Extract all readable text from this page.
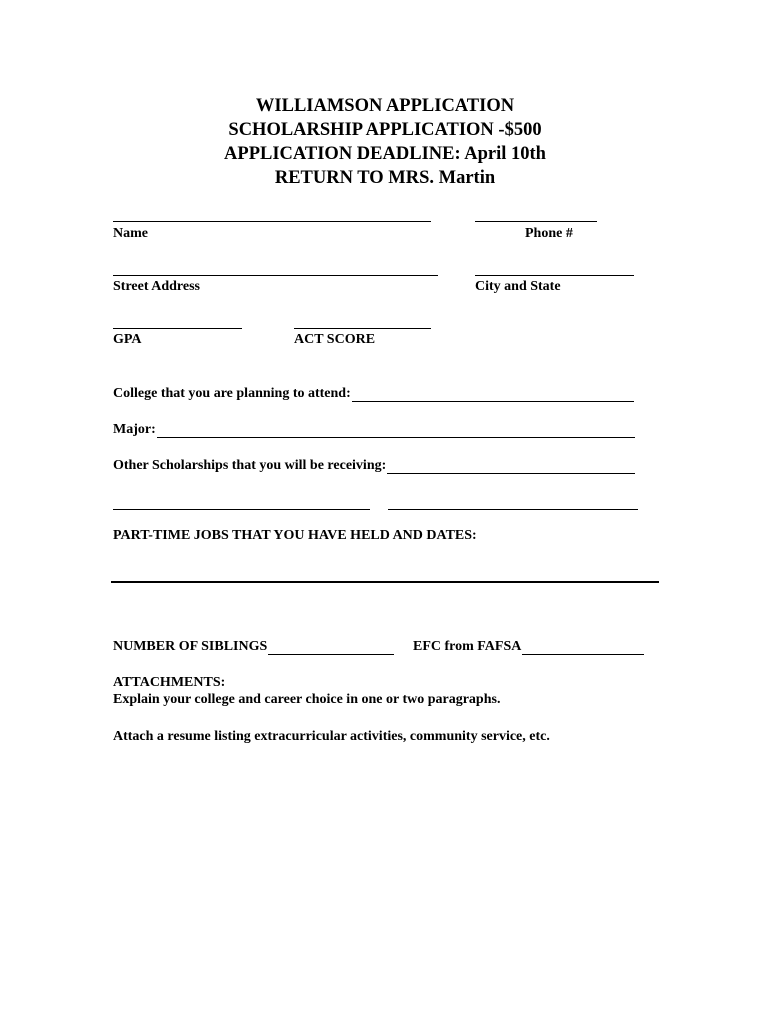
WILLIAMSON APPLICATION
SCHOLARSHIP APPLICATION -$500
APPLICATION DEADLINE: April 10th
RETURN TO MRS. Martin
Name	Phone #
Street Address	City and State
GPA	ACT SCORE
College that you are planning to attend:
Major:
Other Scholarships that you will be receiving:
PART-TIME JOBS THAT YOU HAVE HELD AND DATES:
NUMBER OF SIBLINGS	EFC from FAFSA
ATTACHMENTS:
Explain your college and career choice in one or two paragraphs.
Attach a resume listing extracurricular activities, community service, etc.
